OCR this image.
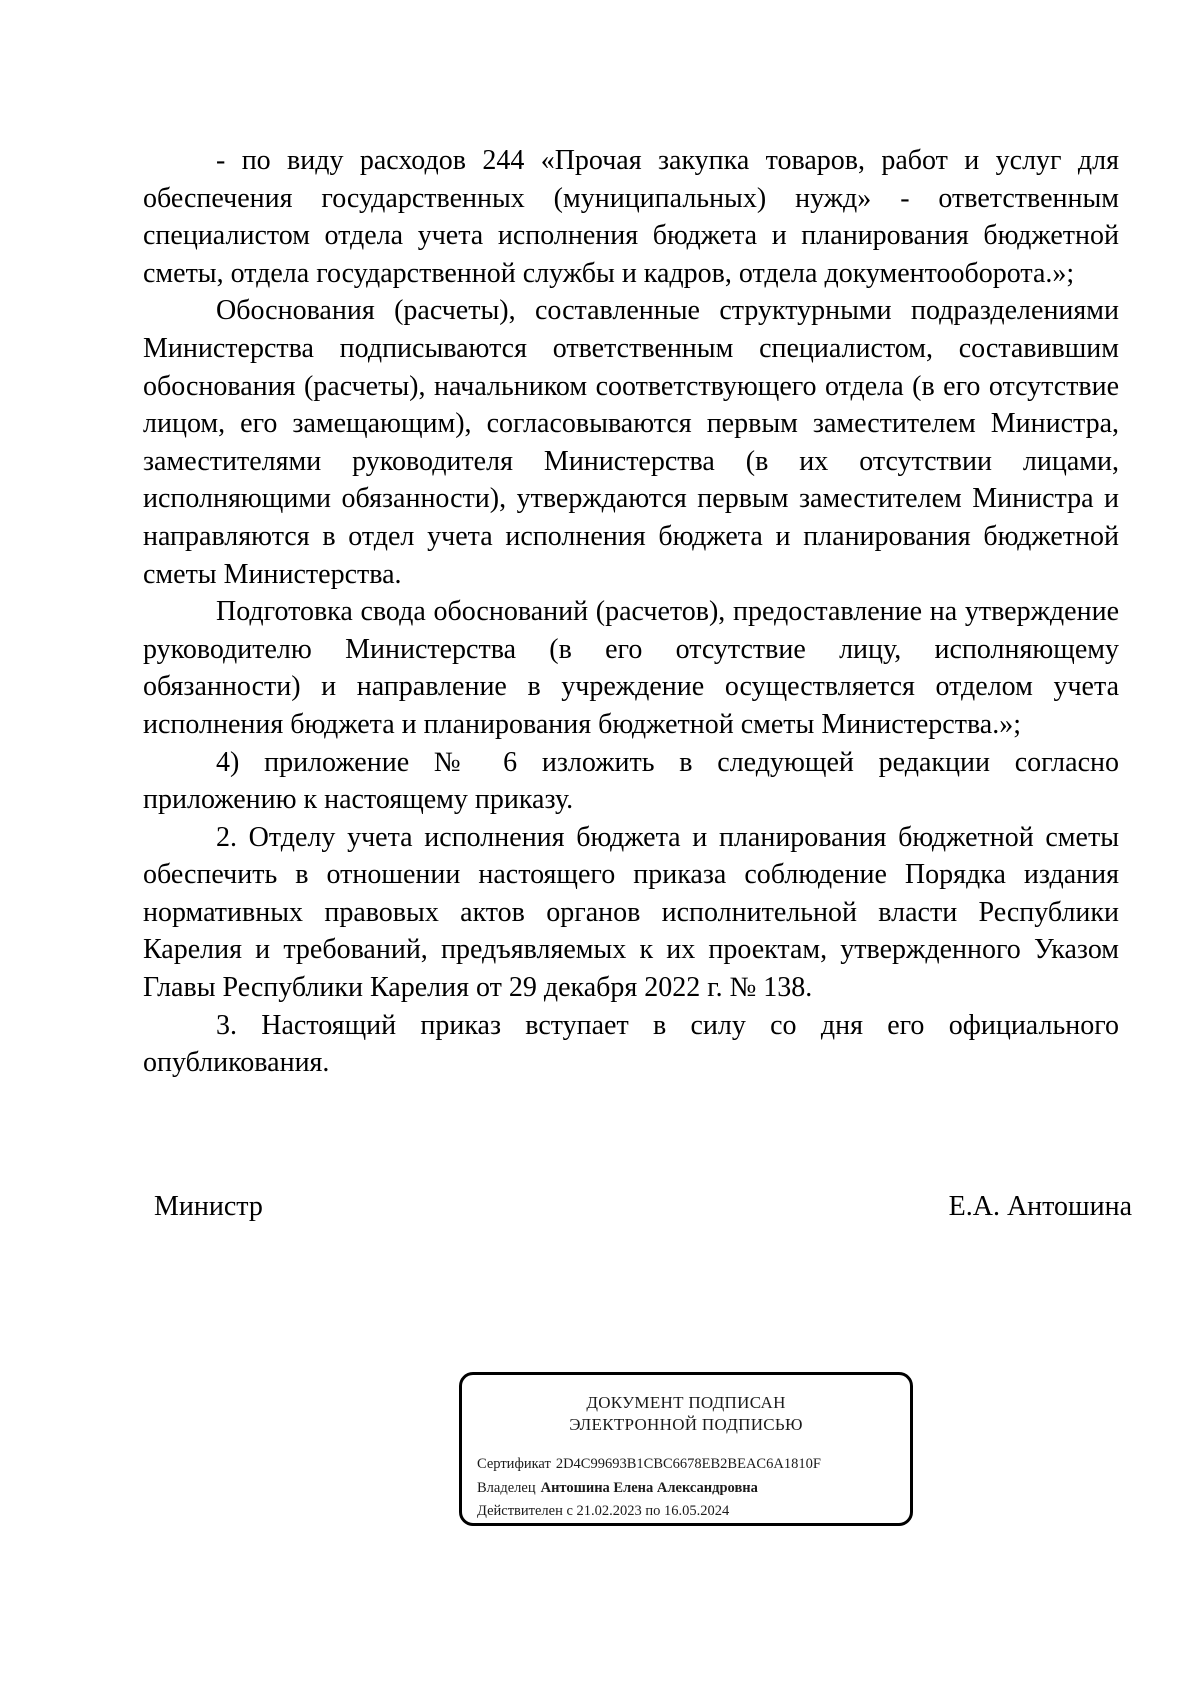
- по виду расходов 244 «Прочая закупка товаров, работ и услуг для обеспечения государственных (муниципальных) нужд» - ответственным специалистом отдела учета исполнения бюджета и планирования бюджетной сметы, отдела государственной службы и кадров, отдела документооборота.»;

Обоснования (расчеты), составленные структурными подразделениями Министерства подписываются ответственным специалистом, составившим обоснования (расчеты), начальником соответствующего отдела (в его отсутствие лицом, его замещающим), согласовываются первым заместителем Министра, заместителями руководителя Министерства (в их отсутствии лицами, исполняющими обязанности), утверждаются первым заместителем Министра и направляются в отдел учета исполнения бюджета и планирования бюджетной сметы Министерства.

Подготовка свода обоснований (расчетов), предоставление на утверждение руководителю Министерства (в его отсутствие лицу, исполняющему обязанности) и направление в учреждение осуществляется отделом учета исполнения бюджета и планирования бюджетной сметы Министерства.»;

4) приложение № 6 изложить в следующей редакции согласно приложению к настоящему приказу.

2. Отделу учета исполнения бюджета и планирования бюджетной сметы обеспечить в отношении настоящего приказа соблюдение Порядка издания нормативных правовых актов органов исполнительной власти Республики Карелия и требований, предъявляемых к их проектам, утвержденного Указом Главы Республики Карелия от 29 декабря 2022 г. № 138.

3. Настоящий приказ вступает в силу со дня его официального опубликования.

Министр	Е.А. Антошина
ДОКУМЕНТ ПОДПИСАН
ЭЛЕКТРОННОЙ ПОДПИСЬЮ
Сертификат 2D4C99693B1CBC6678EB2BEAC6A1810F
Владелец Антошина Елена Александровна
Действителен с 21.02.2023 по 16.05.2024
